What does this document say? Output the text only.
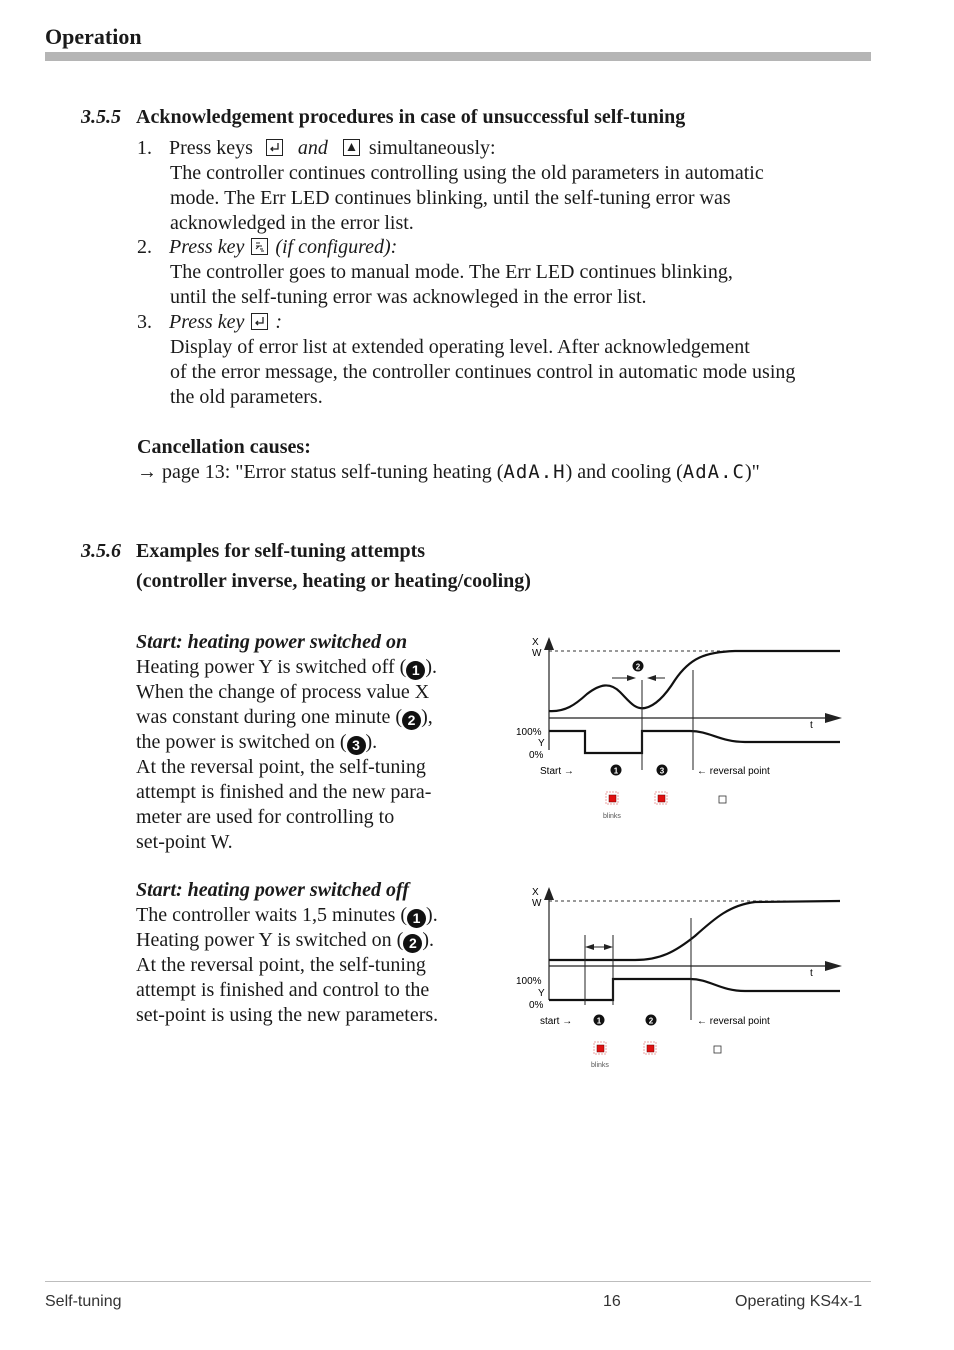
Operation
3.5.5 Acknowledgement procedures in case of unsuccessful self-tuning
1. Press keys and simultaneously:
The controller continues controlling using the old parameters in automatic
mode. The Err LED continues blinking, until the self-tuning error was
acknowledged in the error list.
2. Press key (if configured):
The controller goes to manual mode. The Err LED continues blinking,
until the self-tuning error was acknowleged in the error list.
3. Press key :
Display of error list at extended operating level. After acknowledgement
of the error message, the controller continues control in automatic mode using
the old parameters.
Cancellation causes:
→ page 13: "Error status self-tuning heating (AdA.H) and cooling (AdA.C)"
3.5.6 Examples for self-tuning attempts
(controller inverse, heating or heating/cooling)
Start: heating power switched on
Heating power Y is switched off ( 1 ).
When the change of process value X
was constant during one minute ( 2 ),
the power is switched on ( 3 ).
At the reversal point, the self-tuning
attempt is finished and the new para-
meter are used for controlling to
set-point W.
Start: heating power switched off
The controller waits 1,5 minutes ( 1 ).
Heating power Y is switched on ( 2 ).
At the reversal point, the self-tuning
attempt is finished and control to the
set-point is using the new parameters.
X
W
t
100%
Y
0%
2
Start →	1	3	← reversal point
blinks
X
W
t
100%
Y
0%
start →	1	2	← reversal point
blinks
Self-tuning	16	Operating KS4x-1
